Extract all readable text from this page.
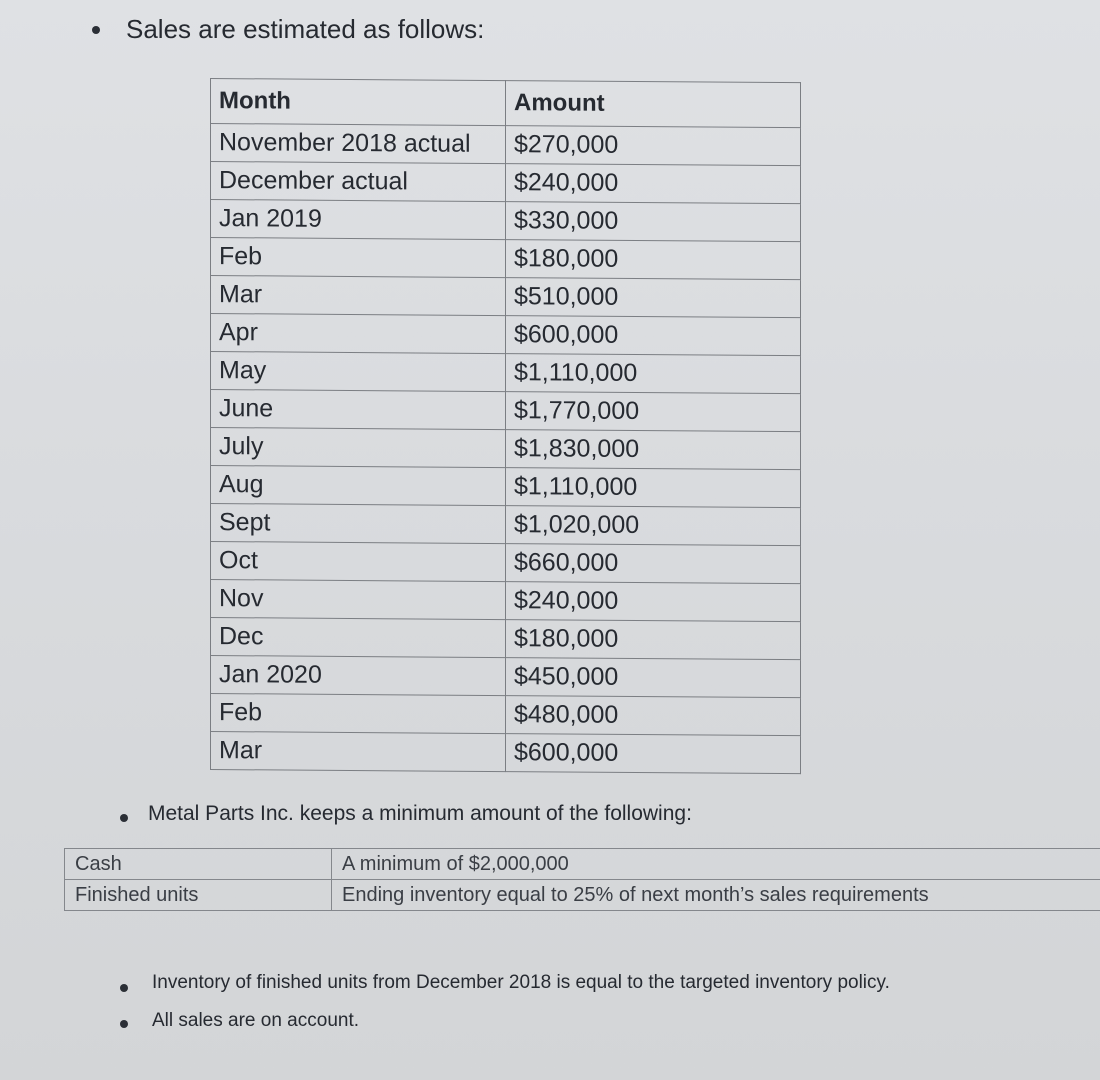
Sales are estimated as follows:
Month	Amount
November 2018 actual	$270,000
December actual	$240,000
Jan 2019	$330,000
Feb	$180,000
Mar	$510,000
Apr	$600,000
May	$1,110,000
June	$1,770,000
July	$1,830,000
Aug	$1,110,000
Sept	$1,020,000
Oct	$660,000
Nov	$240,000
Dec	$180,000
Jan 2020	$450,000
Feb	$480,000
Mar	$600,000
Metal Parts Inc. keeps a minimum amount of the following:
Cash	A minimum of $2,000,000
Finished units	Ending inventory equal to 25% of next month’s sales requirements
Inventory of finished units from December 2018 is equal to the targeted inventory policy.
All sales are on account.
